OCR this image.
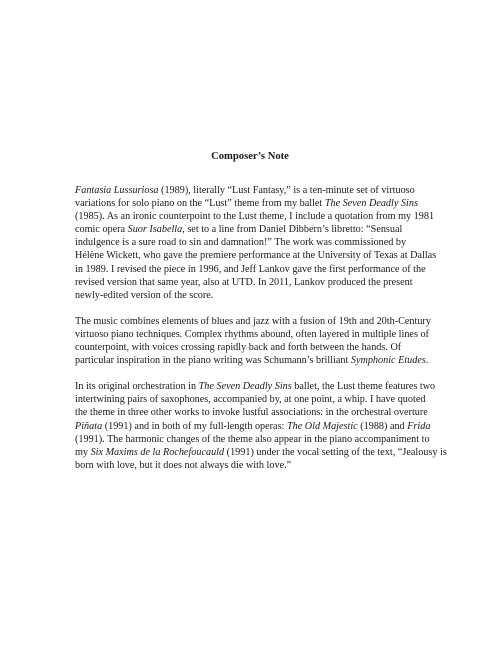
Composer’s Note

Fantasia Lussuriosa (1989), literally “Lust Fantasy,” is a ten-minute set of virtuoso
variations for solo piano on the “Lust” theme from my ballet The Seven Deadly Sins
(1985). As an ironic counterpoint to the Lust theme, I include a quotation from my 1981
comic opera Suor Isabella, set to a line from Daniel Dibbern’s libretto: “Sensual
indulgence is a sure road to sin and damnation!” The work was commissioned by
Hélène Wickett, who gave the premiere performance at the University of Texas at Dallas
in 1989. I revised the piece in 1996, and Jeff Lankov gave the first performance of the
revised version that same year, also at UTD. In 2011, Lankov produced the present
newly-edited version of the score.

The music combines elements of blues and jazz with a fusion of 19th and 20th-Century
virtuoso piano techniques. Complex rhythms abound, often layered in multiple lines of
counterpoint, with voices crossing rapidly back and forth between the hands. Of
particular inspiration in the piano writing was Schumann’s brilliant Symphonic Etudes.

In its original orchestration in The Seven Deadly Sins ballet, the Lust theme features two
intertwining pairs of saxophones, accompanied by, at one point, a whip. I have quoted
the theme in three other works to invoke lustful associations: in the orchestral overture
Piñata (1991) and in both of my full-length operas: The Old Majestic (1988) and Frida
(1991). The harmonic changes of the theme also appear in the piano accompaniment to
my Six Maxims de la Rochefoucauld (1991) under the vocal setting of the text, “Jealousy is
born with love, but it does not always die with love.”
